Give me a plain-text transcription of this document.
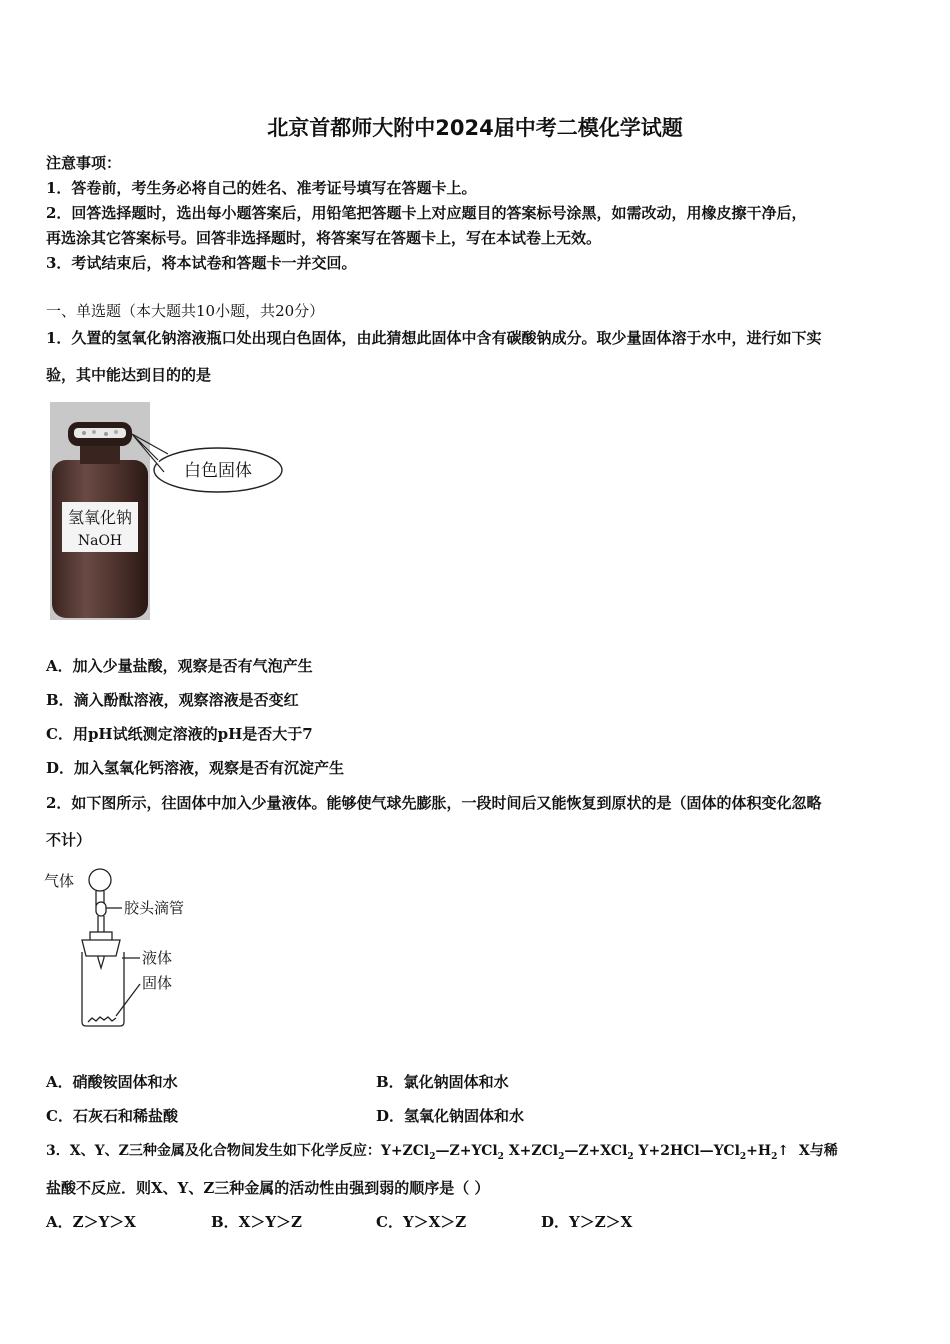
北京首都师大附中2024届中考二模化学试题
注意事项：
1．答卷前，考生务必将自己的姓名、准考证号填写在答题卡上。
2．回答选择题时，选出每小题答案后，用铅笔把答题卡上对应题目的答案标号涂黑，如需改动，用橡皮擦干净后，
再选涂其它答案标号。回答非选择题时，将答案写在答题卡上，写在本试卷上无效。
3．考试结束后，将本试卷和答题卡一并交回。
一、单选题（本大题共10小题，共20分）
1．久置的氢氧化钠溶液瓶口处出现白色固体，由此猜想此固体中含有碳酸钠成分。取少量固体溶于水中，进行如下实
验，其中能达到目的的是
氢氧化钠
NaOH
白色固体
A．加入少量盐酸，观察是否有气泡产生
B．滴入酚酞溶液，观察溶液是否变红
C．用pH试纸测定溶液的pH是否大于7
D．加入氢氧化钙溶液，观察是否有沉淀产生
2．如下图所示，往固体中加入少量液体。能够使气球先膨胀，一段时间后又能恢复到原状的是（固体的体积变化忽略
不计）
气体
胶头滴管
液体
固体
A．硝酸铵固体和水	B．氯化钠固体和水
C．石灰石和稀盐酸	D．氢氧化钠固体和水
3．X、Y、Z三种金属及化合物间发生如下化学反应：Y+ZCl$_2$—Z+YCl$_2$ X+ZCl$_2$—Z+XCl$_2$ $Y+2HCl—YCl_2+H_2↑$ X与稀
盐酸不反应．则X、Y、Z三种金属的活动性由强到弱的顺序是（ ）
A．Z＞Y＞X	B．X＞Y＞Z	C．Y＞X＞Z	D．Y＞Z＞X
